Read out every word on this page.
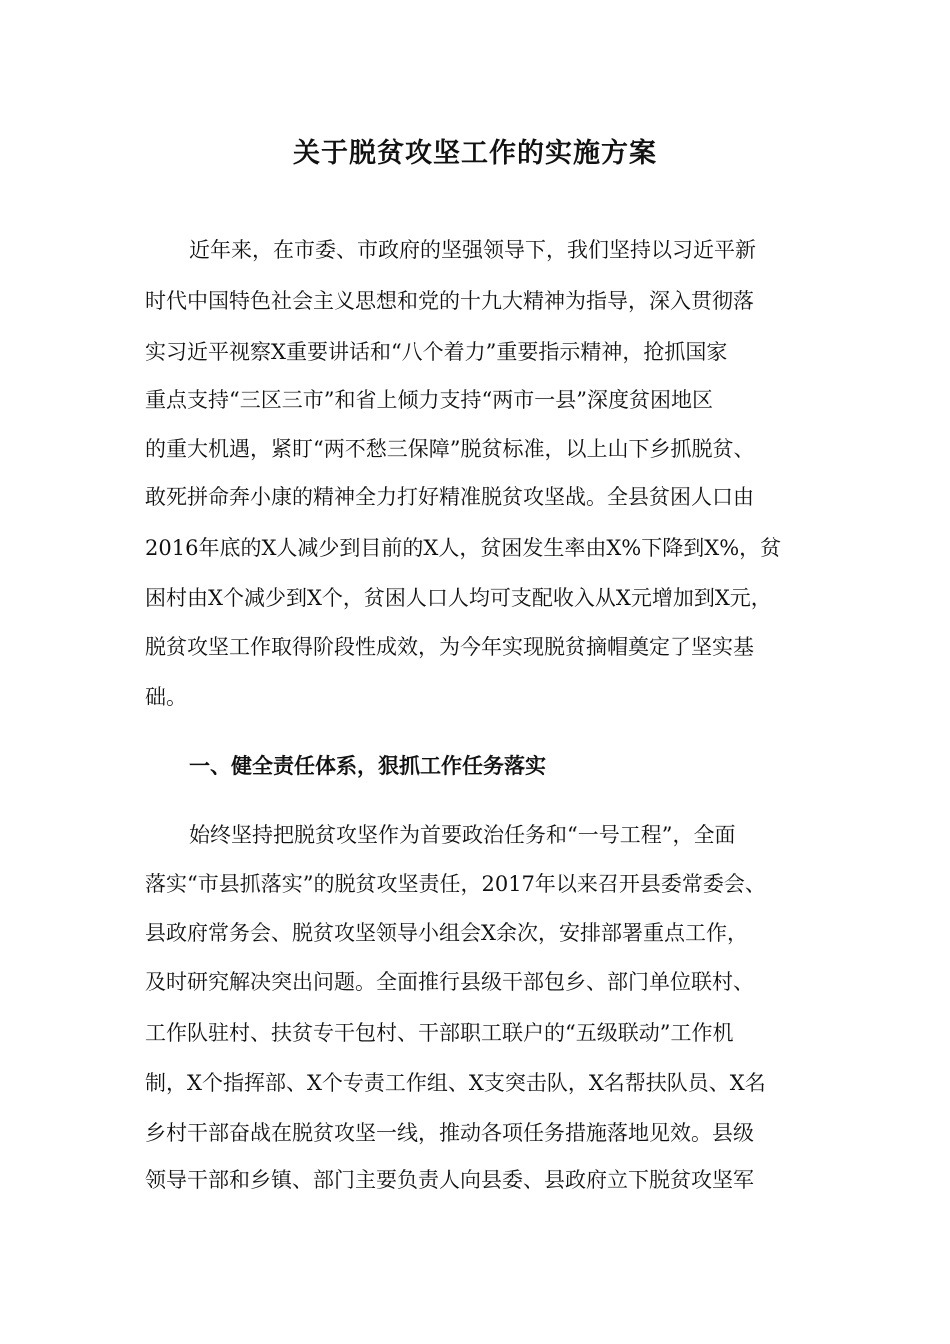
关于脱贫攻坚工作的实施方案
近年来，在市委、市政府的坚强领导下，我们坚持以习近平新
时代中国特色社会主义思想和党的十九大精神为指导，深入贯彻落
实习近平视察X重要讲话和“八个着力”重要指示精神，抢抓国家
重点支持“三区三市”和省上倾力支持“两市一县”深度贫困地区
的重大机遇，紧盯“两不愁三保障”脱贫标准，以上山下乡抓脱贫、
敢死拼命奔小康的精神全力打好精准脱贫攻坚战。全县贫困人口由
2016年底的X人减少到目前的X人，贫困发生率由X%下降到X%，贫
困村由X个减少到X个，贫困人口人均可支配收入从X元增加到X元，
脱贫攻坚工作取得阶段性成效，为今年实现脱贫摘帽奠定了坚实基
础。
一、健全责任体系，狠抓工作任务落实
始终坚持把脱贫攻坚作为首要政治任务和“一号工程”，全面
落实“市县抓落实”的脱贫攻坚责任，2017年以来召开县委常委会、
县政府常务会、脱贫攻坚领导小组会X余次，安排部署重点工作，
及时研究解决突出问题。全面推行县级干部包乡、部门单位联村、
工作队驻村、扶贫专干包村、干部职工联户的“五级联动”工作机
制，X个指挥部、X个专责工作组、X支突击队，X名帮扶队员、X名
乡村干部奋战在脱贫攻坚一线，推动各项任务措施落地见效。县级
领导干部和乡镇、部门主要负责人向县委、县政府立下脱贫攻坚军
